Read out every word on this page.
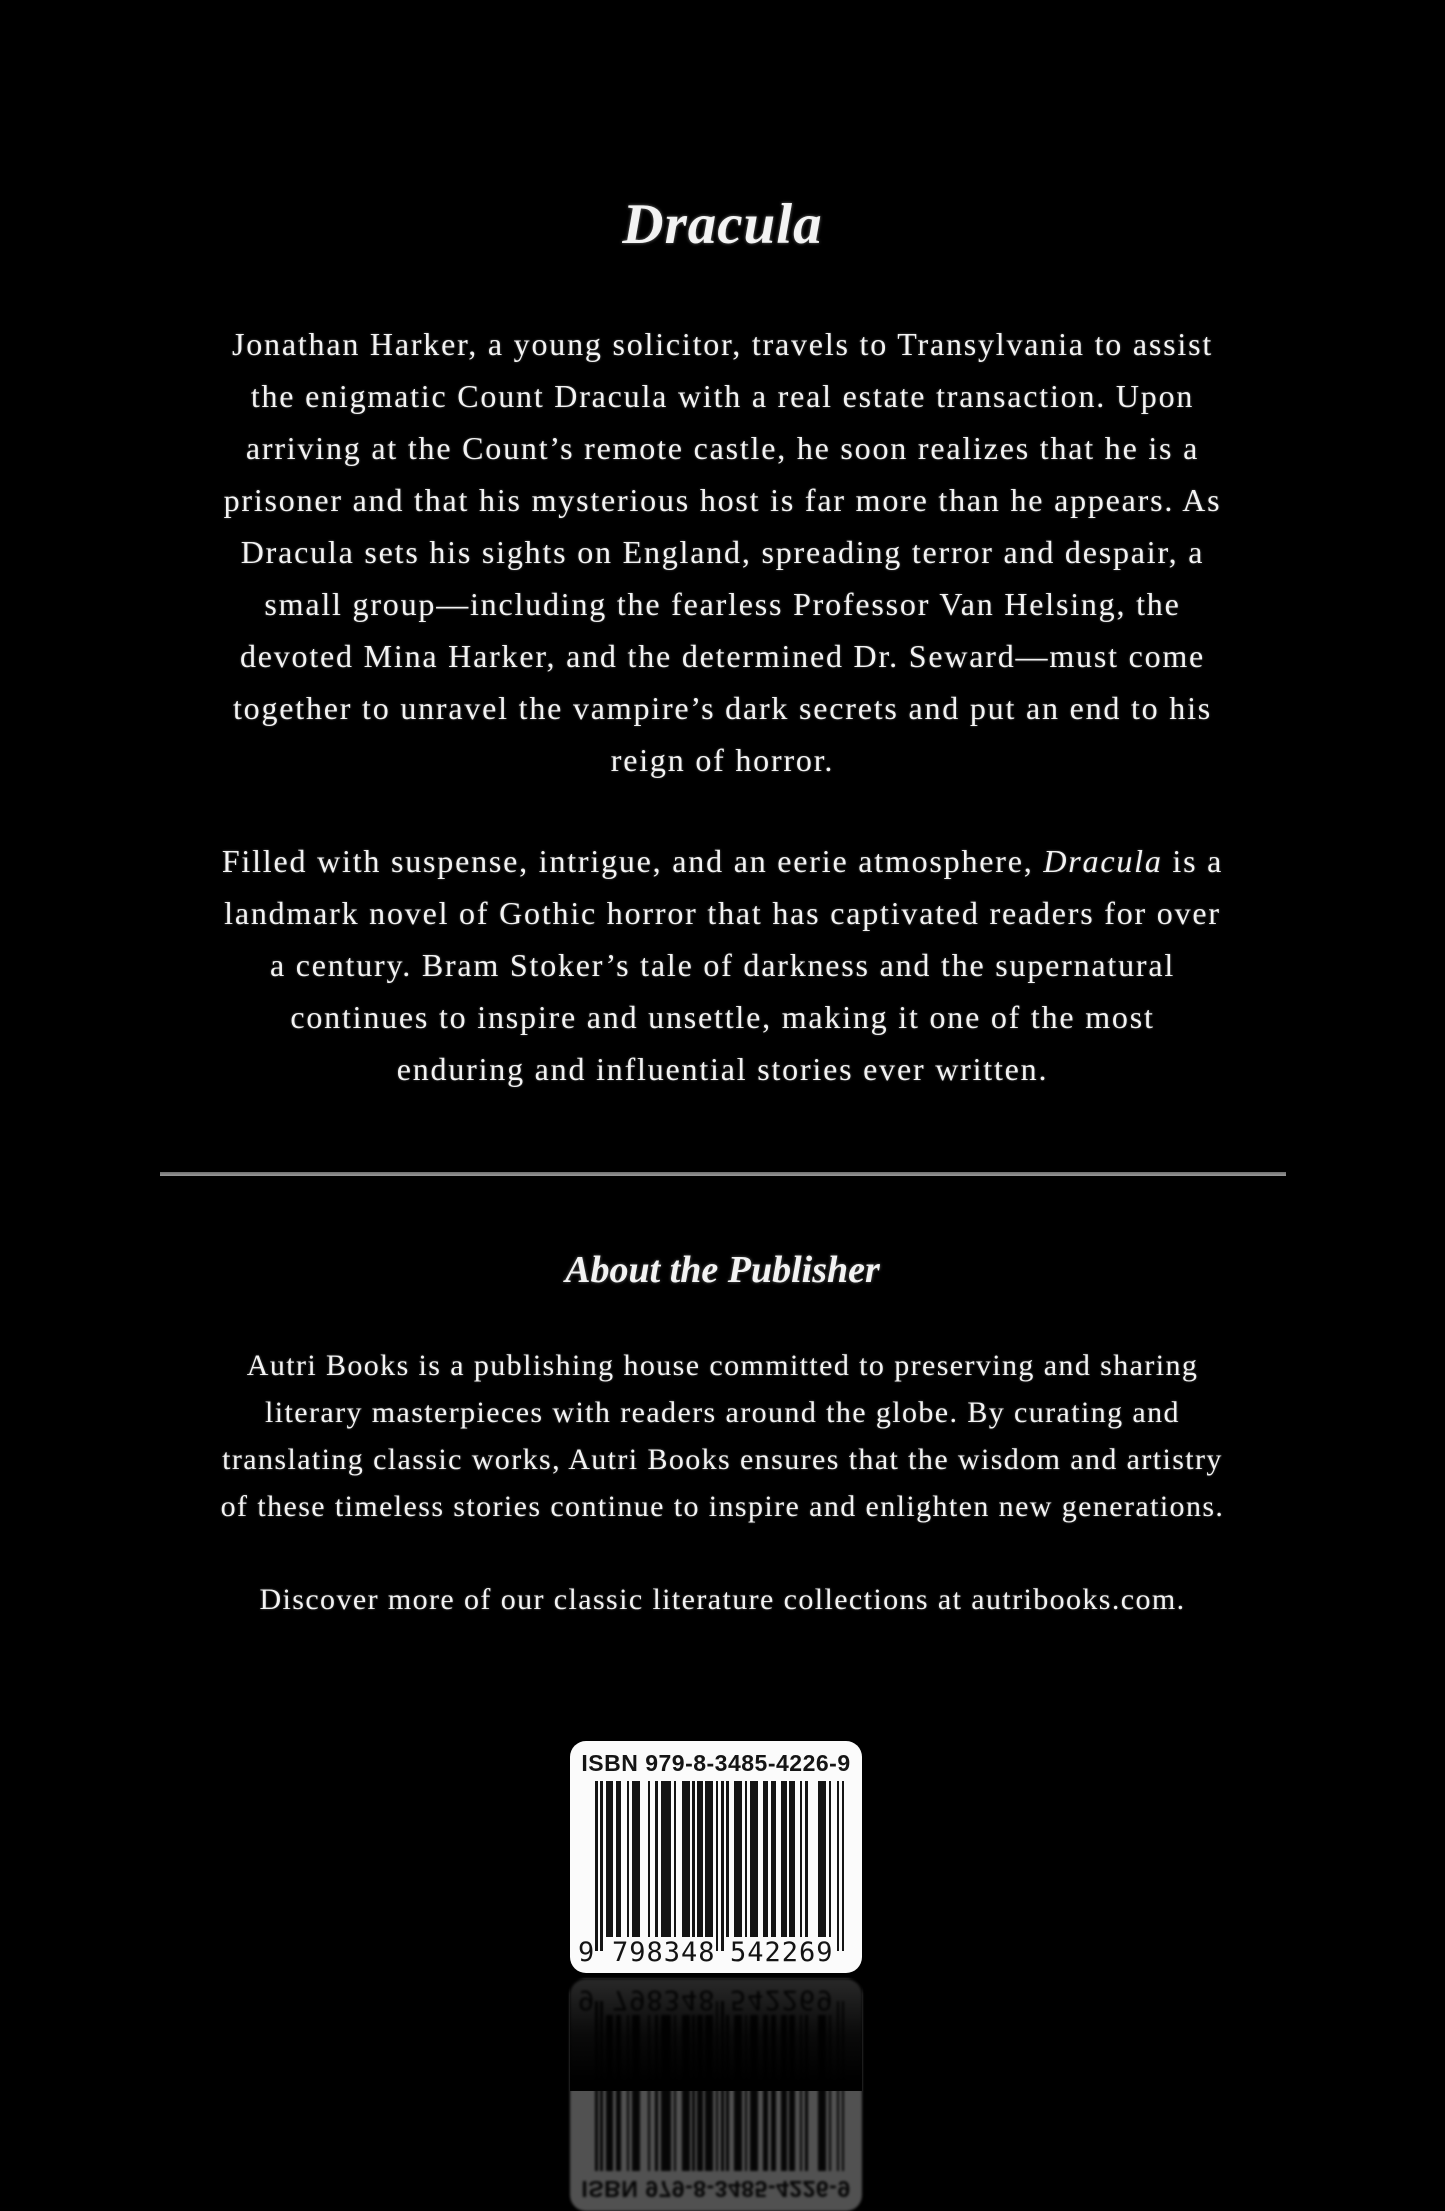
Dracula
Jonathan Harker, a young solicitor, travels to Transylvania to assist
the enigmatic Count Dracula with a real estate transaction. Upon
arriving at the Count’s remote castle, he soon realizes that he is a
prisoner and that his mysterious host is far more than he appears. As
Dracula sets his sights on England, spreading terror and despair, a
small group—including the fearless Professor Van Helsing, the
devoted Mina Harker, and the determined Dr. Seward—must come
together to unravel the vampire’s dark secrets and put an end to his
reign of horror.
Filled with suspense, intrigue, and an eerie atmosphere, Dracula is a
landmark novel of Gothic horror that has captivated readers for over
a century. Bram Stoker’s tale of darkness and the supernatural
continues to inspire and unsettle, making it one of the most
enduring and influential stories ever written.
About the Publisher
Autri Books is a publishing house committed to preserving and sharing
literary masterpieces with readers around the globe. By curating and
translating classic works, Autri Books ensures that the wisdom and artistry
of these timeless stories continue to inspire and enlighten new generations.
Discover more of our classic literature collections at autribooks.com.
ISBN 979-8-3485-4226-9
9 798348 542269
ISBN 979-8-3485-4226-9
